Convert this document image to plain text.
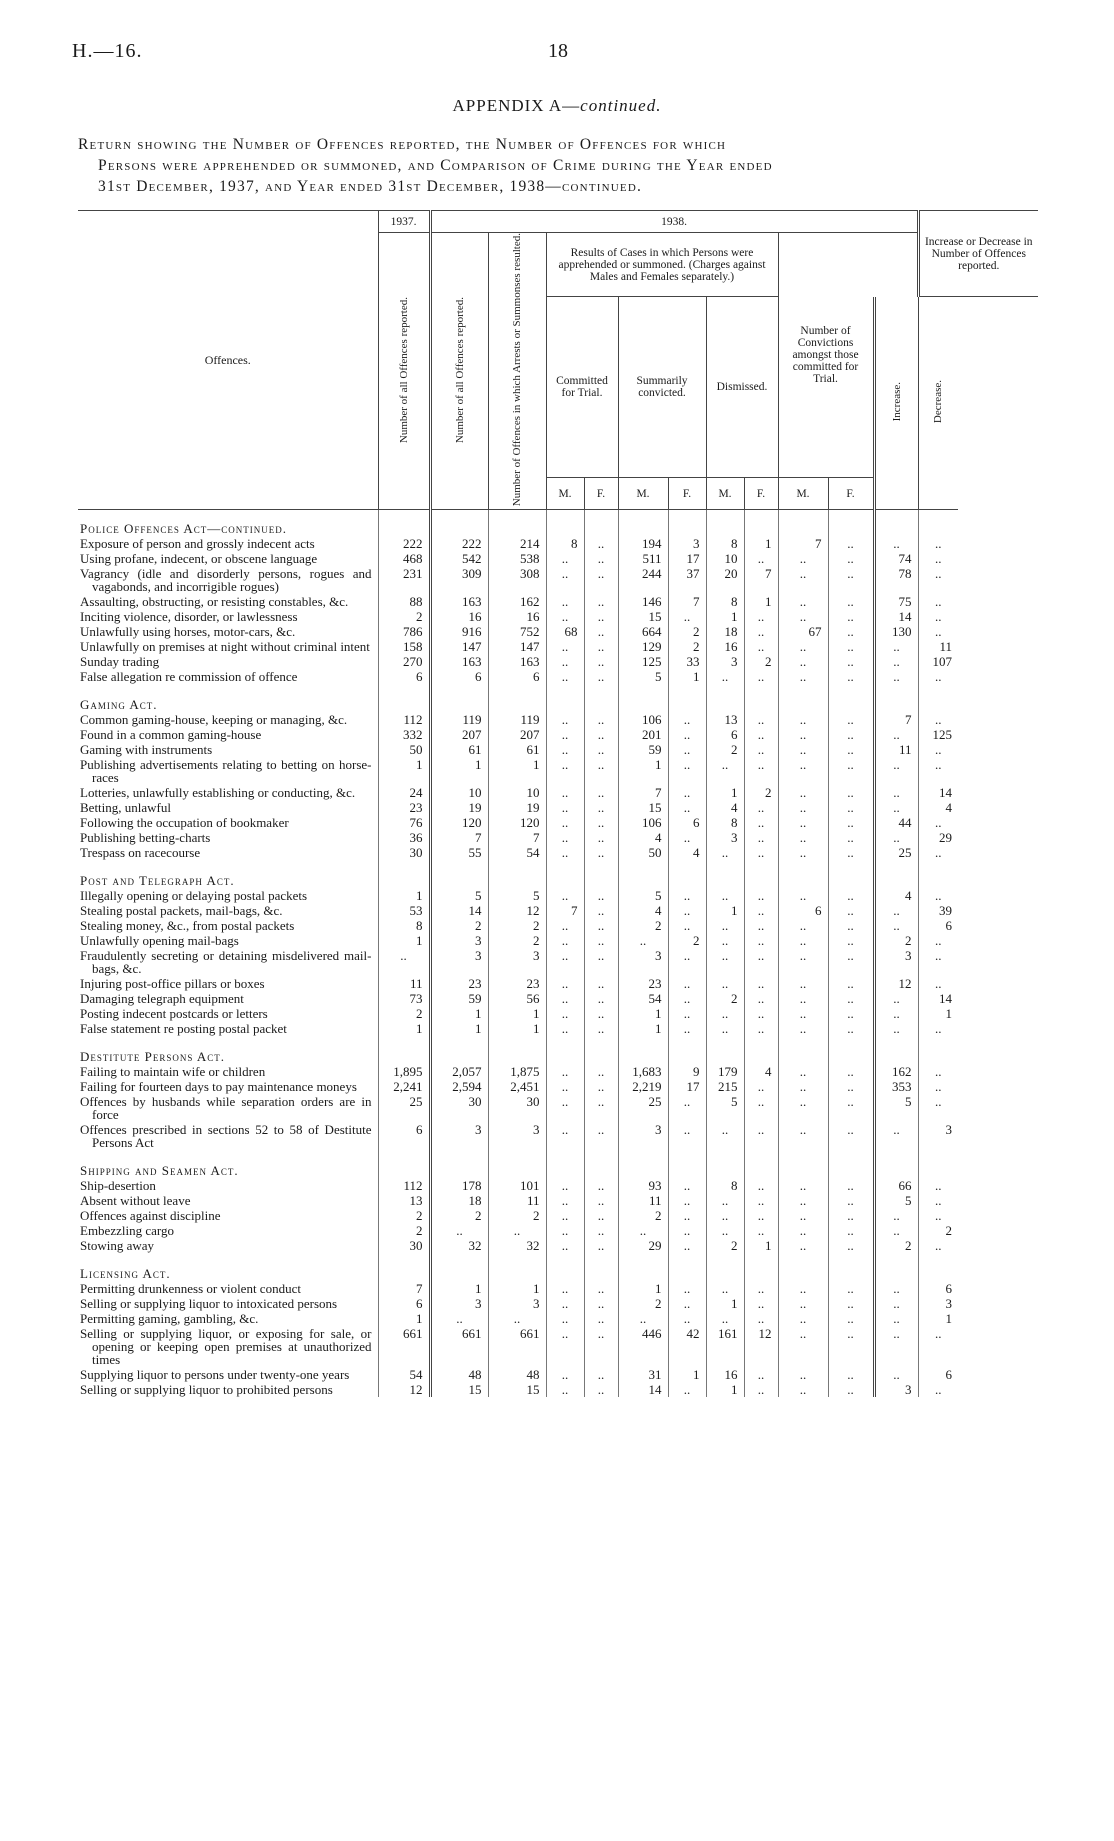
H.—16.	18
APPENDIX A—continued.
Return showing the Number of Offences reported, the Number of Offences for which
Persons were apprehended or summoned, and Comparison of Crime during the Year ended
31st December, 1937, and Year ended 31st December, 1938—continued.
Offences.	1937.	1938.											Increase or Decrease in Number of Offences reported.
	Number of all Offences reported.	Number of all Offences reported.	Number of Offences in which Arrests or Summonses resulted.	Results of Cases in which Persons were apprehended or summoned. (Charges against Males and Females separately.)						Number of Convictions amongst those committed for Trial.			
				Committed for Trial.		Summarily convicted.		Dismissed.				Increase.	Decrease.
				M.	F.	M.	F.	M.	F.	M.	F.		
Police Offences Act—continued.													

Exposure of person and grossly indecent acts	222	222	214	8	..	194	3	8	1	7	..	..	..

Using profane, indecent, or obscene language	468	542	538	..	..	511	17	10	..	..	..	74	..

Vagrancy (idle and disorderly persons, rogues and vagabonds, and incorrigible rogues)	231	309	308	..	..	244	37	20	7	..	..	78	..

Assaulting, obstructing, or resisting constables, &c.	88	163	162	..	..	146	7	8	1	..	..	75	..

Inciting violence, disorder, or lawlessness	2	16	16	..	..	15	..	1	..	..	..	14	..

Unlawfully using horses, motor-cars, &c.	786	916	752	68	..	664	2	18	..	67	..	130	..

Unlawfully on premises at night without criminal intent	158	147	147	..	..	129	2	16	..	..	..	..	11

Sunday trading	270	163	163	..	..	125	33	3	2	..	..	..	107

False allegation re commission of offence	6	6	6	..	..	5	1	..	..	..	..	..	..
Gaming Act.													

Common gaming-house, keeping or managing, &c.	112	119	119	..	..	106	..	13	..	..	..	7	..

Found in a common gaming-house	332	207	207	..	..	201	..	6	..	..	..	..	125

Gaming with instruments	50	61	61	..	..	59	..	2	..	..	..	11	..

Publishing advertisements relating to betting on horse-races	1	1	1	..	..	1	..	..	..	..	..	..	..

Lotteries, unlawfully establishing or conducting, &c.	24	10	10	..	..	7	..	1	2	..	..	..	14

Betting, unlawful	23	19	19	..	..	15	..	4	..	..	..	..	4

Following the occupation of bookmaker	76	120	120	..	..	106	6	8	..	..	..	44	..

Publishing betting-charts	36	7	7	..	..	4	..	3	..	..	..	..	29

Trespass on racecourse	30	55	54	..	..	50	4	..	..	..	..	25	..
Post and Telegraph Act.													

Illegally opening or delaying postal packets	1	5	5	..	..	5	..	..	..	..	..	4	..

Stealing postal packets, mail-bags, &c.	53	14	12	7	..	4	..	1	..	6	..	..	39

Stealing money, &c., from postal packets	8	2	2	..	..	2	..	..	..	..	..	..	6

Unlawfully opening mail-bags	1	3	2	..	..	..	2	..	..	..	..	2	..

Fraudulently secreting or detaining misdelivered mail-bags, &c.	..	3	3	..	..	3	..	..	..	..	..	3	..

Injuring post-office pillars or boxes	11	23	23	..	..	23	..	..	..	..	..	12	..

Damaging telegraph equipment	73	59	56	..	..	54	..	2	..	..	..	..	14

Posting indecent postcards or letters	2	1	1	..	..	1	..	..	..	..	..	..	1

False statement re posting postal packet	1	1	1	..	..	1	..	..	..	..	..	..	..
Destitute Persons Act.													

Failing to maintain wife or children	1,895	2,057	1,875	..	..	1,683	9	179	4	..	..	162	..

Failing for fourteen days to pay maintenance moneys	2,241	2,594	2,451	..	..	2,219	17	215	..	..	..	353	..

Offences by husbands while separation orders are in force	25	30	30	..	..	25	..	5	..	..	..	5	..

Offences prescribed in sections 52 to 58 of Destitute Persons Act	6	3	3	..	..	3	..	..	..	..	..	..	3
Shipping and Seamen Act.													

Ship-desertion	112	178	101	..	..	93	..	8	..	..	..	66	..

Absent without leave	13	18	11	..	..	11	..	..	..	..	..	5	..

Offences against discipline	2	2	2	..	..	2	..	..	..	..	..	..	..

Embezzling cargo	2	..	..	..	..	..	..	..	..	..	..	..	2

Stowing away	30	32	32	..	..	29	..	2	1	..	..	2	..
Licensing Act.													

Permitting drunkenness or violent conduct	7	1	1	..	..	1	..	..	..	..	..	..	6

Selling or supplying liquor to intoxicated persons	6	3	3	..	..	2	..	1	..	..	..	..	3

Permitting gaming, gambling, &c.	1	..	..	..	..	..	..	..	..	..	..	..	1

Selling or supplying liquor, or exposing for sale, or opening or keeping open premises at unauthorized times	661	661	661	..	..	446	42	161	12	..	..	..	..

Supplying liquor to persons under twenty-one years	54	48	48	..	..	31	1	16	..	..	..	..	6

Selling or supplying liquor to prohibited persons	12	15	15	..	..	14	..	1	..	..	..	3	..
